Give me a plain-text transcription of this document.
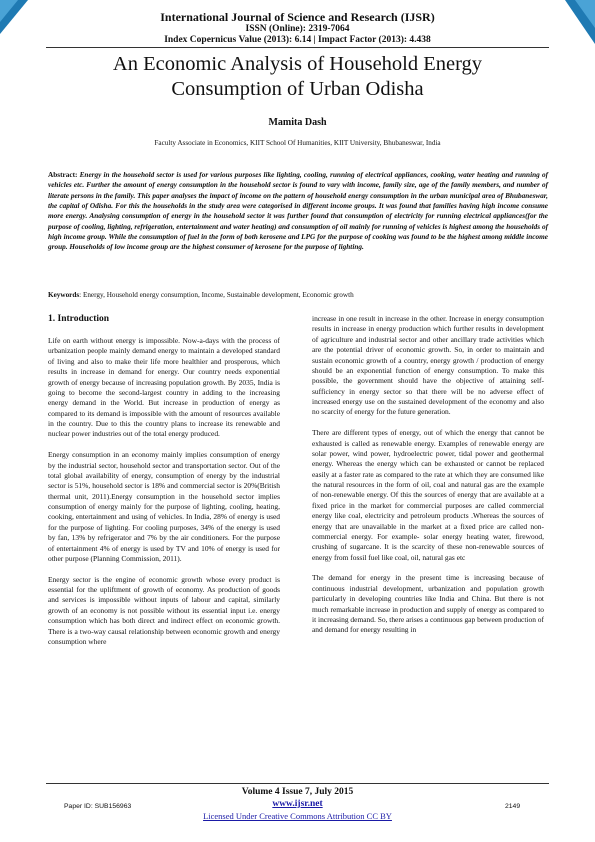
International Journal of Science and Research (IJSR)
ISSN (Online): 2319-7064
Index Copernicus Value (2013): 6.14 | Impact Factor (2013): 4.438
An Economic Analysis of Household Energy
Consumption of Urban Odisha
Mamita Dash
Faculty Associate in Economics, KIIT School Of Humanities, KIIT University, Bhubaneswar, India
Abstract: Energy in the household sector is used for various purposes like lighting, cooling, running of electrical appliances, cooking, water heating and running of vehicles etc. Further the amount of energy consumption in the household sector is found to vary with income, family size, age of the family members, and number of literate persons in the family. This paper analyses the impact of income on the pattern of household energy consumption in the urban municipal area of Bhubaneswar, the capital of Odisha. For this the households in the study area were categorised in different income groups. It was found that families having high income consume more energy. Analysing consumption of energy in the household sector it was further found that consumption of electricity for running electrical appliances(for the purpose of cooling, lighting, refrigeration, entertainment and water heating) and consumption of oil mainly for running of vehicles is highest among the households of high income group. While the consumption of fuel in the form of both kerosene and LPG for the purpose of cooking was found to be the highest among middle income group. Households of low income group are the highest consumer of kerosene for the purpose of lighting.
Keywords: Energy, Household energy consumption, Income, Sustainable development, Economic growth
1. Introduction

Life on earth without energy is impossible. Now-a-days with the process of urbanization people mainly demand energy to maintain a developed standard of living and also to make their life more healthier and prosperous, which results in increase in demand for energy. Our country needs exponential growth of energy because of increasing population growth. By 2035, India is going to become the second-largest country in adding to the increasing energy demand in the World. But increase in production of energy as compared to its demand is impossible with the amount of resources available in the country. Due to this the country plans to increase its renewable and nuclear power industries out of the total energy produced.

Energy consumption in an economy mainly implies consumption of energy by the industrial sector, household sector and transportation sector. Out of the total global availability of energy, consumption of energy by the industrial sector is 51%, household sector is 18% and commercial sector is 20%(British thermal unit, 2011).Energy consumption in the household sector implies consumption of energy mainly for the purpose of lighting, cooling, heating, cooking, entertainment and using of vehicles. In India, 28% of energy is used for the purpose of lighting. For cooling purposes, 34% of the energy is used by fan, 13% by refrigerator and 7% by the air conditioners. For the purpose of entertainment 4% of energy is used by TV and 10% of energy is used for other purpose (Planning Commission, 2011).

Energy sector is the engine of economic growth whose every product is essential for the upliftment of growth of economy. As production of goods and services is impossible without inputs of labour and capital, similarly growth of an economy is not possible without its essential input i.e. energy consumption which has both direct and indirect effect on economic growth. There is a two-way causal relationship between economic growth and energy consumption where

increase in one result in increase in the other. Increase in energy consumption results in increase in energy production which further results in development of agriculture and industrial sector and other ancillary trade activities which are the potential driver of economic growth. So, in order to maintain and sustain economic growth of a country, energy growth / production of energy should be an exponential function of energy consumption. To make this possible, the government should have the objective of attaining self-sufficiency in energy sector so that there will be no adverse effect of increased energy use on the sustained development of the economy and also no scarcity of energy for the future generation.

There are different types of energy, out of which the energy that cannot be exhausted is called as renewable energy. Examples of renewable energy are solar power, wind power, hydroelectric power, tidal power and geothermal energy. Whereas the energy which can be exhausted or cannot be replaced easily at a faster rate as compared to the rate at which they are consumed like the natural resources in the form of oil, coal and natural gas are the example of non-renewable energy. Of this the sources of energy that are available at a fixed price in the market for commercial purposes are called commercial energy like coal, electricity and petroleum products .Whereas the sources of energy that are unavailable in the market at a fixed price are called non-commercial energy. For example- solar energy heating water, firewood, crushing of sugarcane. It is the scarcity of these non-renewable sources of energy from fossil fuel like coal, oil, natural gas etc

The demand for energy in the present time is increasing because of continuous industrial development, urbanization and population growth particularly in developing countries like India and China. But there is not much remarkable increase in production and supply of energy as compared to it increasing demand. So, there arises a continuous gap between production of and demand for energy resulting in

Volume 4 Issue 7, July 2015
www.ijsr.net
Licensed Under Creative Commons Attribution CC BY
Paper ID: SUB156963	2149
